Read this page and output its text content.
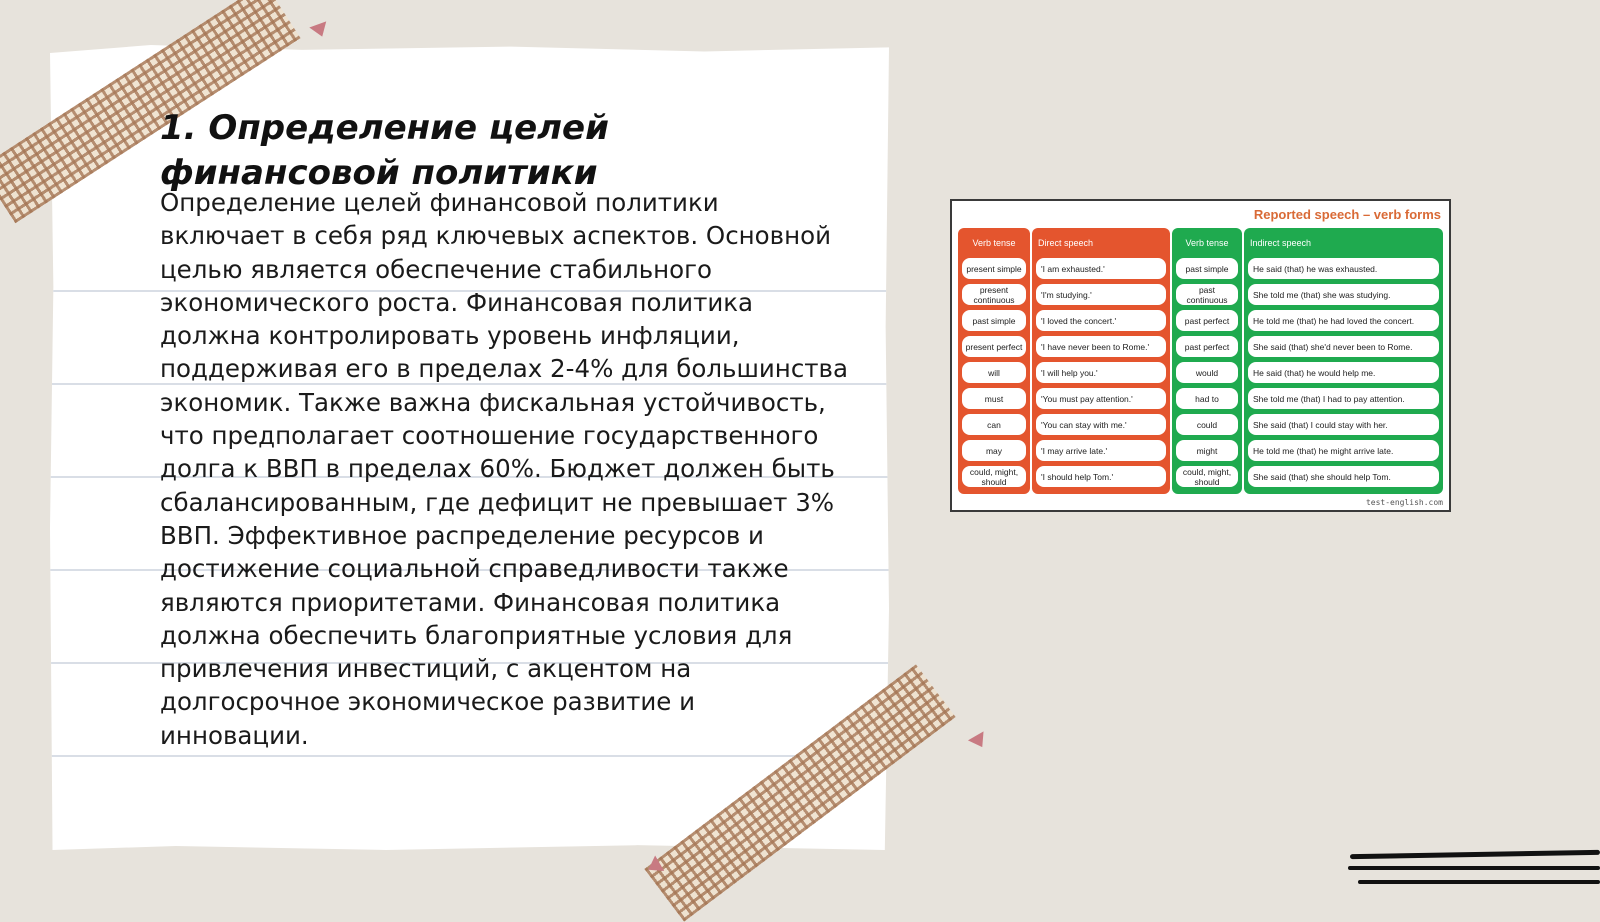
1. Определение целей финансовой политики

Определение целей финансовой политики включает в себя ряд ключевых аспектов. Основной целью является обеспечение стабильного экономического роста. Финансовая политика должна контролировать уровень инфляции, поддерживая его в пределах 2-4% для большинства экономик. Также важна фискальная устойчивость, что предполагает соотношение государственного долга к ВВП в пределах 60%. Бюджет должен быть сбалансированным, где дефицит не превышает 3% ВВП. Эффективное распределение ресурсов и достижение социальной справедливости также являются приоритетами. Финансовая политика должна обеспечить благоприятные условия для привлечения инвестиций, с акцентом на долгосрочное экономическое развитие и инновации.

Reported speech – verb forms
Verb tense
present simple
present continuous
past simple
present perfect
will
must
can
may
could, might, should
Direct speech
'I am exhausted.'
'I'm studying.'
'I loved the concert.'
'I have never been to Rome.'
'I will help you.'
'You must pay attention.'
'You can stay with me.'
'I may arrive late.'
'I should help Tom.'
Verb tense
past simple
past continuous
past perfect
past perfect
would
had to
could
might
could, might, should
Indirect speech
He said (that) he was exhausted.
She told me (that) she was studying.
He told me (that) he had loved the concert.
She said (that) she'd never been to Rome.
He said (that) he would help me.
She told me (that) I had to pay attention.
She said (that) I could stay with her.
He told me (that) he might arrive late.
She said (that) she should help Tom.
test-english.com
